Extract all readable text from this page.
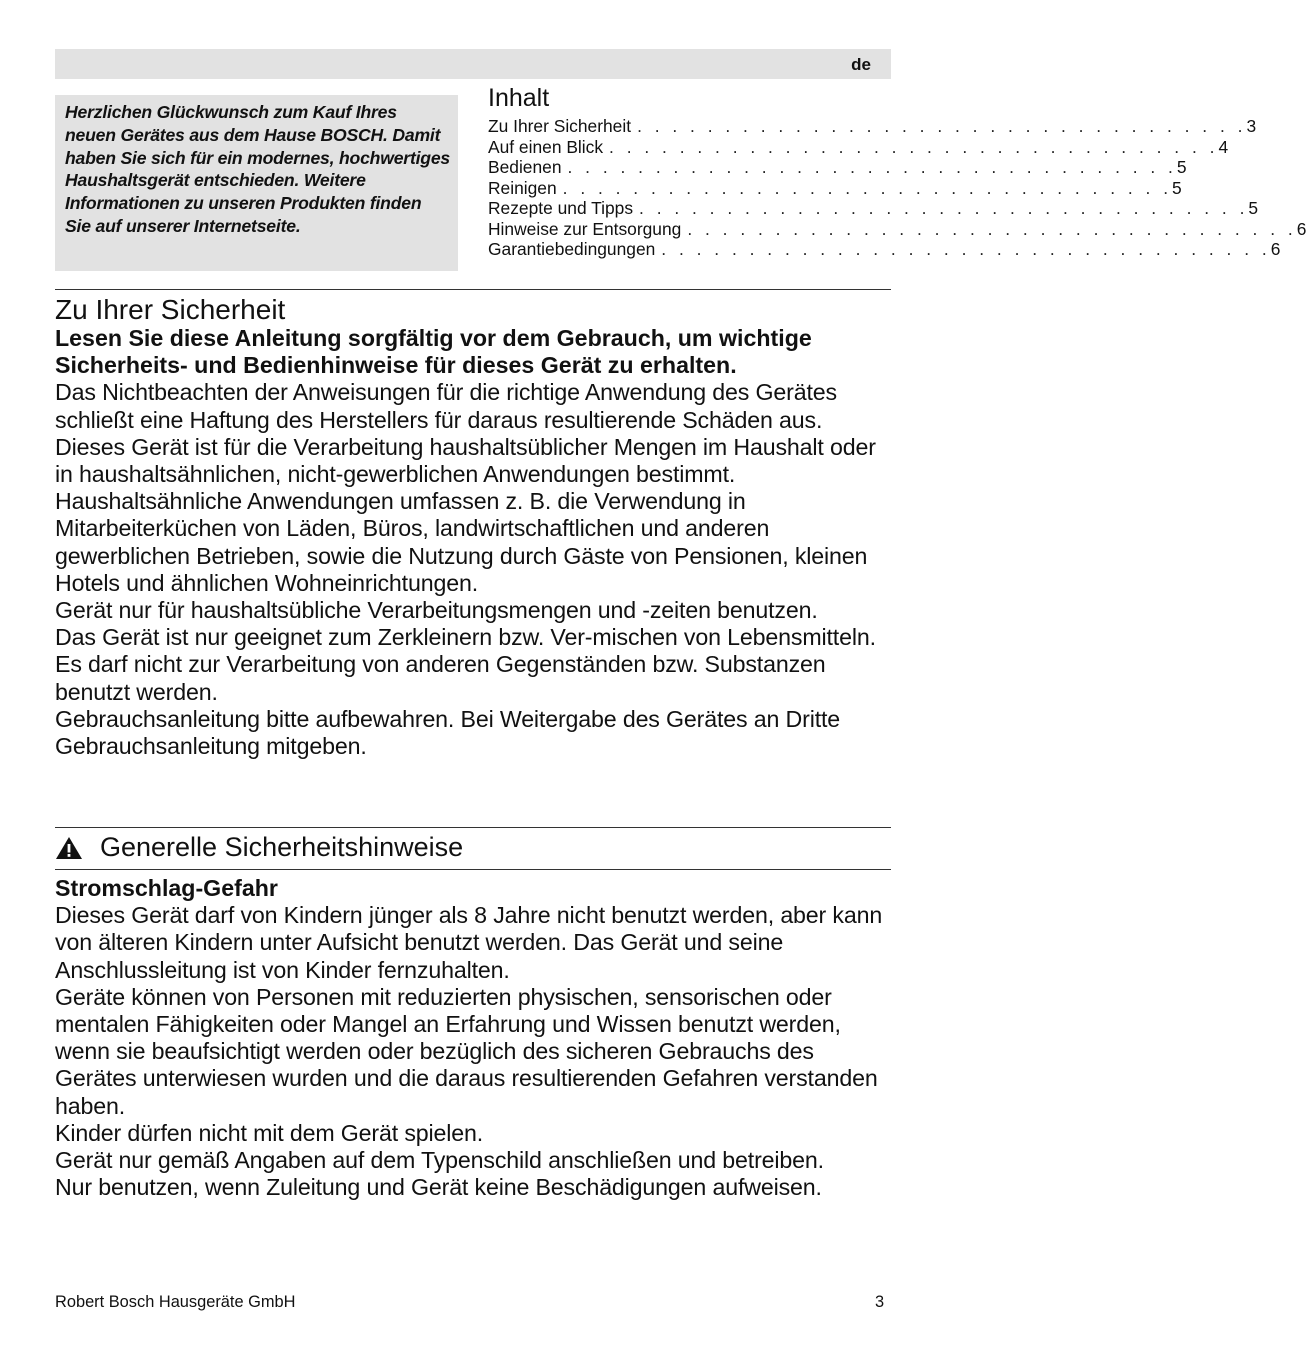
de

Herzlichen Glückwunsch zum Kauf Ihres neuen Gerätes aus dem Hause BOSCH. Damit haben Sie sich für ein modernes, hochwertiges Haushaltsgerät entschieden. Weitere Informationen zu unseren Produkten finden Sie auf unserer Internetseite.

Inhalt
Zu Ihrer Sicherheit . . . . . . . . . . . . . . . . . . . . . . . . . . . . . . . . . . . 3
Auf einen Blick . . . . . . . . . . . . . . . . . . . . . . . . . . . . . . . . . . . 4
Bedienen . . . . . . . . . . . . . . . . . . . . . . . . . . . . . . . . . . . 5
Reinigen . . . . . . . . . . . . . . . . . . . . . . . . . . . . . . . . . . . 5
Rezepte und Tipps . . . . . . . . . . . . . . . . . . . . . . . . . . . . . . . . . . . 5
Hinweise zur Entsorgung . . . . . . . . . . . . . . . . . . . . . . . . . . . . . . . . . . . 6
Garantiebedingungen . . . . . . . . . . . . . . . . . . . . . . . . . . . . . . . . . . . 6
Zu Ihrer Sicherheit

Lesen Sie diese Anleitung sorgfältig vor dem Gebrauch, um wichtige Sicherheits- und Bedienhinweise für dieses Gerät zu erhalten.

Das Nichtbeachten der Anweisungen für die richtige Anwendung des Gerätes schließt eine Haftung des Herstellers für daraus resultierende Schäden aus.

Dieses Gerät ist für die Verarbeitung haushaltsüblicher Mengen im Haushalt oder in haushaltsähnlichen, nicht-gewerblichen Anwendungen bestimmt. Haushaltsähnliche Anwendungen umfassen z. B. die Verwendung in Mitarbeiterküchen von Läden, Büros, landwirtschaftlichen und anderen gewerblichen Betrieben, sowie die Nutzung durch Gäste von Pensionen, kleinen Hotels und ähnlichen Wohneinrichtungen.

Gerät nur für haushaltsübliche Verarbeitungsmengen und -zeiten benutzen.

Das Gerät ist nur geeignet zum Zerkleinern bzw. Ver-mischen von Lebensmitteln. Es darf nicht zur Verarbeitung von anderen Gegenständen bzw. Substanzen benutzt werden.

Gebrauchsanleitung bitte aufbewahren. Bei Weitergabe des Gerätes an Dritte Gebrauchsanleitung mitgeben.

Generelle Sicherheitshinweise

Stromschlag-Gefahr

Dieses Gerät darf von Kindern jünger als 8 Jahre nicht benutzt werden, aber kann von älteren Kindern unter Aufsicht benutzt werden. Das Gerät und seine Anschlussleitung ist von Kinder fernzuhalten.

Geräte können von Personen mit reduzierten physischen, sensorischen oder mentalen Fähigkeiten oder Mangel an Erfahrung und Wissen benutzt werden, wenn sie beaufsichtigt werden oder bezüglich des sicheren Gebrauchs des Gerätes unterwiesen wurden und die daraus resultierenden Gefahren verstanden haben.

Kinder dürfen nicht mit dem Gerät spielen.

Gerät nur gemäß Angaben auf dem Typenschild anschließen und betreiben.

Nur benutzen, wenn Zuleitung und Gerät keine Beschädigungen aufweisen.

Robert Bosch Hausgeräte GmbH	3
